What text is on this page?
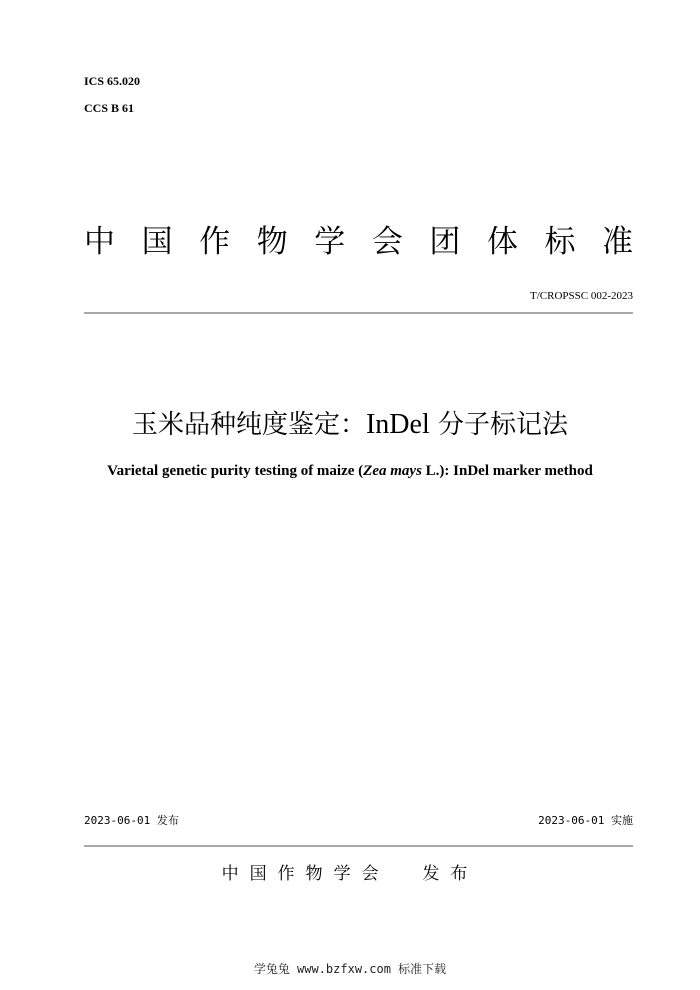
ICS 65.020
CCS B 61
中 国 作 物 学 会 团 体 标 准
T/CROPSSC 002-2023
玉米品种纯度鉴定：InDel 分子标记法
Varietal genetic purity testing of maize (Zea mays L.): InDel marker method
2023-06-01 发布	2023-06-01 实施
中国作物学会  发布
学兔兔 www.bzfxw.com 标准下载
